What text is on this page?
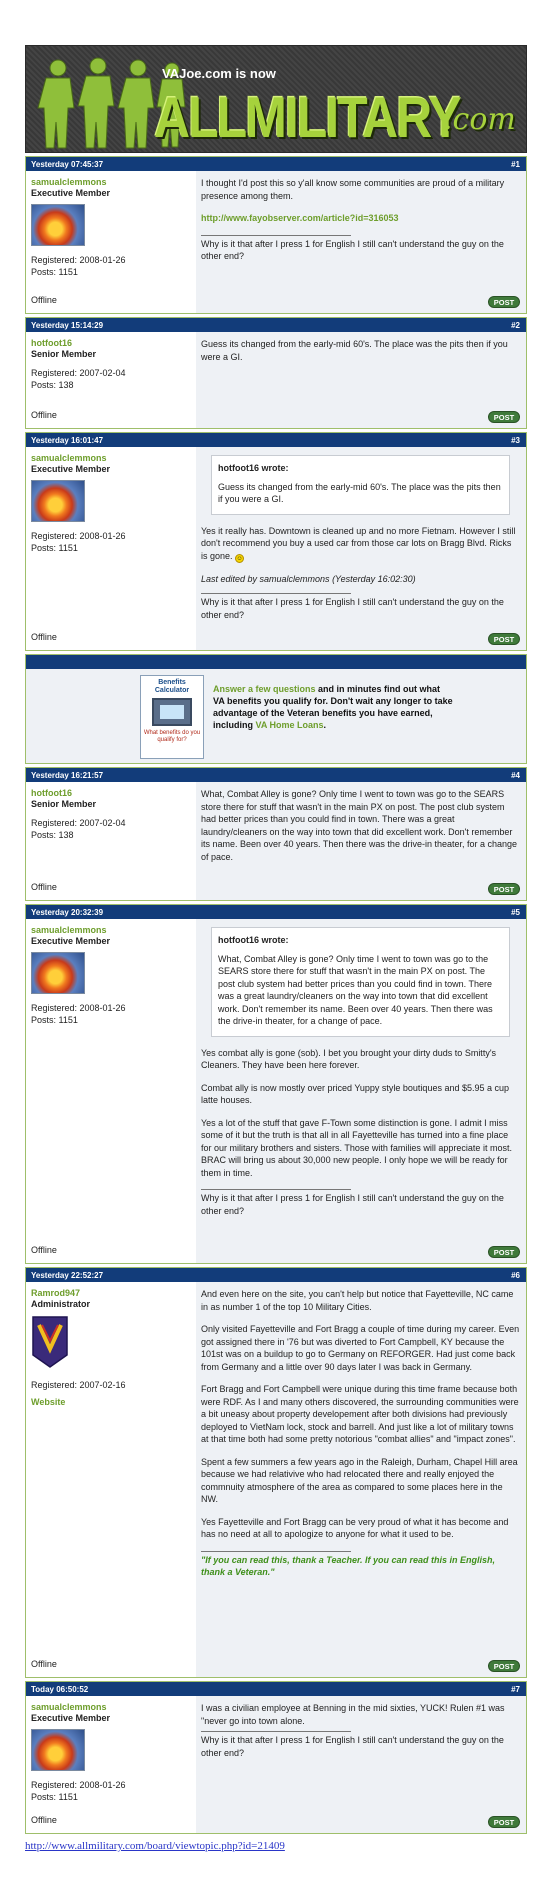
VAJoe.com is now
ALLMILITARY
.com
Yesterday 07:45:37	#1
samualclemmons
Executive Member
Registered: 2008-01-26
Posts: 1151
Offline

I thought I'd post this so y'all know some communities are proud of a military presence among them.

http://www.fayobserver.com/article?id=316053

Why is it that after I press 1 for English I still can't understand the guy on the other end?
POST
Yesterday 15:14:29	#2
hotfoot16
Senior Member
Registered: 2007-02-04
Posts: 138
Offline

Guess its changed from the early-mid 60's. The place was the pits then if you were a GI.

POST
Yesterday 16:01:47	#3
samualclemmons
Executive Member
Registered: 2008-01-26
Posts: 1151
Offline
hotfoot16 wrote:
Guess its changed from the early-mid 60's. The place was the pits then if you were a GI.
Yes it really has. Downtown is cleaned up and no more Fietnam. However I still don't recommend you buy a used car from those car lots on Bragg Blvd. Ricks is gone. ☺
Last edited by samualclemmons (Yesterday 16:02:30)
Why is it that after I press 1 for English I still can't understand the guy on the other end?
POST
Benefits Calculator
What benefits do you qualify for?
Answer a few questions and in minutes find out what VA benefits you qualify for. Don't wait any longer to take advantage of the Veteran benefits you have earned, including VA Home Loans.
Yesterday 16:21:57	#4
hotfoot16
Senior Member
Registered: 2007-02-04
Posts: 138
Offline

What, Combat Alley is gone? Only time I went to town was go to the SEARS store there for stuff that wasn't in the main PX on post. The post club system had better prices than you could find in town. There was a great laundry/cleaners on the way into town that did excellent work. Don't remember its name. Been over 40 years. Then there was the drive-in theater, for a change of pace.

POST
Yesterday 20:32:39	#5
samualclemmons
Executive Member
Registered: 2008-01-26
Posts: 1151
Offline
hotfoot16 wrote:
What, Combat Alley is gone? Only time I went to town was go to the SEARS store there for stuff that wasn't in the main PX on post. The post club system had better prices than you could find in town. There was a great laundry/cleaners on the way into town that did excellent work. Don't remember its name. Been over 40 years. Then there was the drive-in theater, for a change of pace.

Yes combat ally is gone (sob). I bet you brought your dirty duds to Smitty's Cleaners. They have been here forever.

Combat ally is now mostly over priced Yuppy style boutiques and $5.95 a cup latte houses.

Yes a lot of the stuff that gave F-Town some distinction is gone. I admit I miss some of it but the truth is that all in all Fayetteville has turned into a fine place for our military brothers and sisters. Those with families will appreciate it most. BRAC will bring us about 30,000 new people. I only hope we will be ready for them in time.

Why is it that after I press 1 for English I still can't understand the guy on the other end?
POST
Yesterday 22:52:27	#6
Ramrod947
Administrator
Registered: 2007-02-16
Website
Offline

And even here on the site, you can't help but notice that Fayetteville, NC came in as number 1 of the top 10 Military Cities.

Only visited Fayetteville and Fort Bragg a couple of time during my career. Even got assigned there in '76 but was diverted to Fort Campbell, KY because the 101st was on a buildup to go to Germany on REFORGER. Had just come back from Germany and a little over 90 days later I was back in Germany.

Fort Bragg and Fort Campbell were unique during this time frame because both were RDF. As I and many others discovered, the surrounding communities were a bit uneasy about property developement after both divisions had previously deployed to VietNam lock, stock and barrell. And just like a lot of military towns at that time both had some pretty notorious "combat allies" and "impact zones".

Spent a few summers a few years ago in the Raleigh, Durham, Chapel Hill area because we had relativive who had relocated there and really enjoyed the commnuity atmosphere of the area as compared to some places here in the NW.

Yes Fayetteville and Fort Bragg can be very proud of what it has become and has no need at all to apologize to anyone for what it used to be.

"If you can read this, thank a Teacher. If you can read this in English, thank a Veteran."
POST
Today 06:50:52	#7
samualclemmons
Executive Member
Registered: 2008-01-26
Posts: 1151
Offline

I was a civilian employee at Benning in the mid sixties, YUCK! Rulen #1 was "never go into town alone.

Why is it that after I press 1 for English I still can't understand the guy on the other end?
POST
http://www.allmilitary.com/board/viewtopic.php?id=21409
